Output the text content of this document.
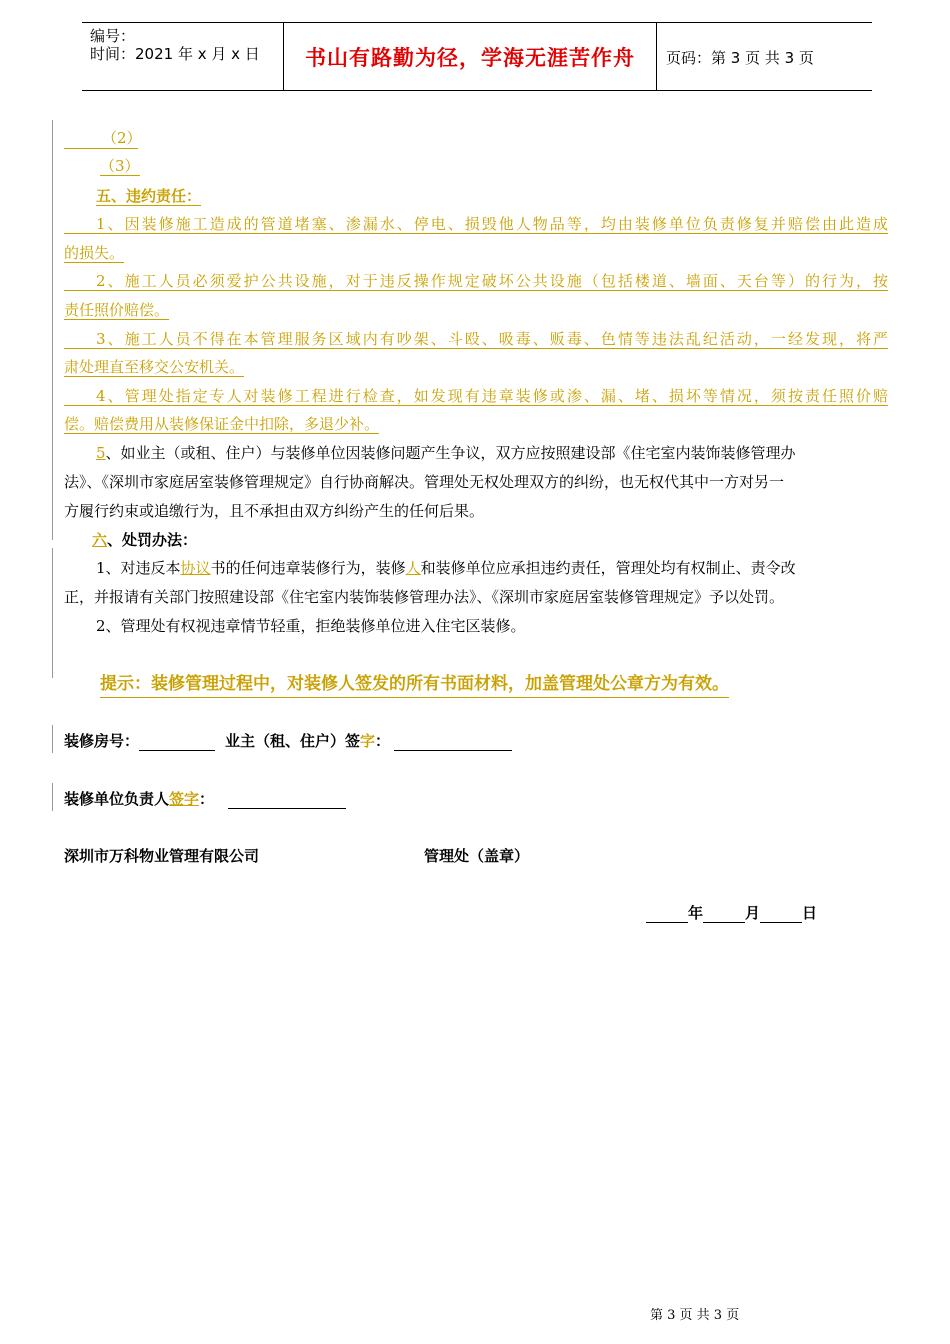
编号：
时间：2021 年 x 月 x 日	书山有路勤为径，学海无涯苦作舟	页码：第 3 页 共 3 页
（2）
（3）
五、违约责任：
1、因装修施工造成的管道堵塞、渗漏水、停电、损毁他人物品等，均由装修单位负责修复并赔偿由此造成
的损失。
2、施工人员必须爱护公共设施，对于违反操作规定破坏公共设施（包括楼道、墙面、天台等）的行为，按
责任照价赔偿。
3、施工人员不得在本管理服务区域内有吵架、斗殴、吸毒、贩毒、色情等违法乱纪活动，一经发现，将严
肃处理直至移交公安机关。
4、管理处指定专人对装修工程进行检查，如发现有违章装修或渗、漏、堵、损坏等情况，须按责任照价赔
偿。赔偿费用从装修保证金中扣除，多退少补。
5、如业主（或租、住户）与装修单位因装修问题产生争议，双方应按照建设部《住宅室内装饰装修管理办
法》、《深圳市家庭居室装修管理规定》自行协商解决。管理处无权处理双方的纠纷，也无权代其中一方对另一
方履行约束或追缴行为，且不承担由双方纠纷产生的任何后果。
六、处罚办法：
1、对违反本协议书的任何违章装修行为，装修人和装修单位应承担违约责任，管理处均有权制止、责令改
正，并报请有关部门按照建设部《住宅室内装饰装修管理办法》、《深圳市家庭居室装修管理规定》予以处罚。
2、管理处有权视违章情节轻重，拒绝装修单位进入住宅区装修。
提示：装修管理过程中，对装修人签发的所有书面材料，加盖管理处公章方为有效。
装修房号：	业主（租、住户）签字：
装修单位负责人签字：
深圳市万科物业管理有限公司	管理处（盖章）
年	月	日
第 3 页 共 3 页
